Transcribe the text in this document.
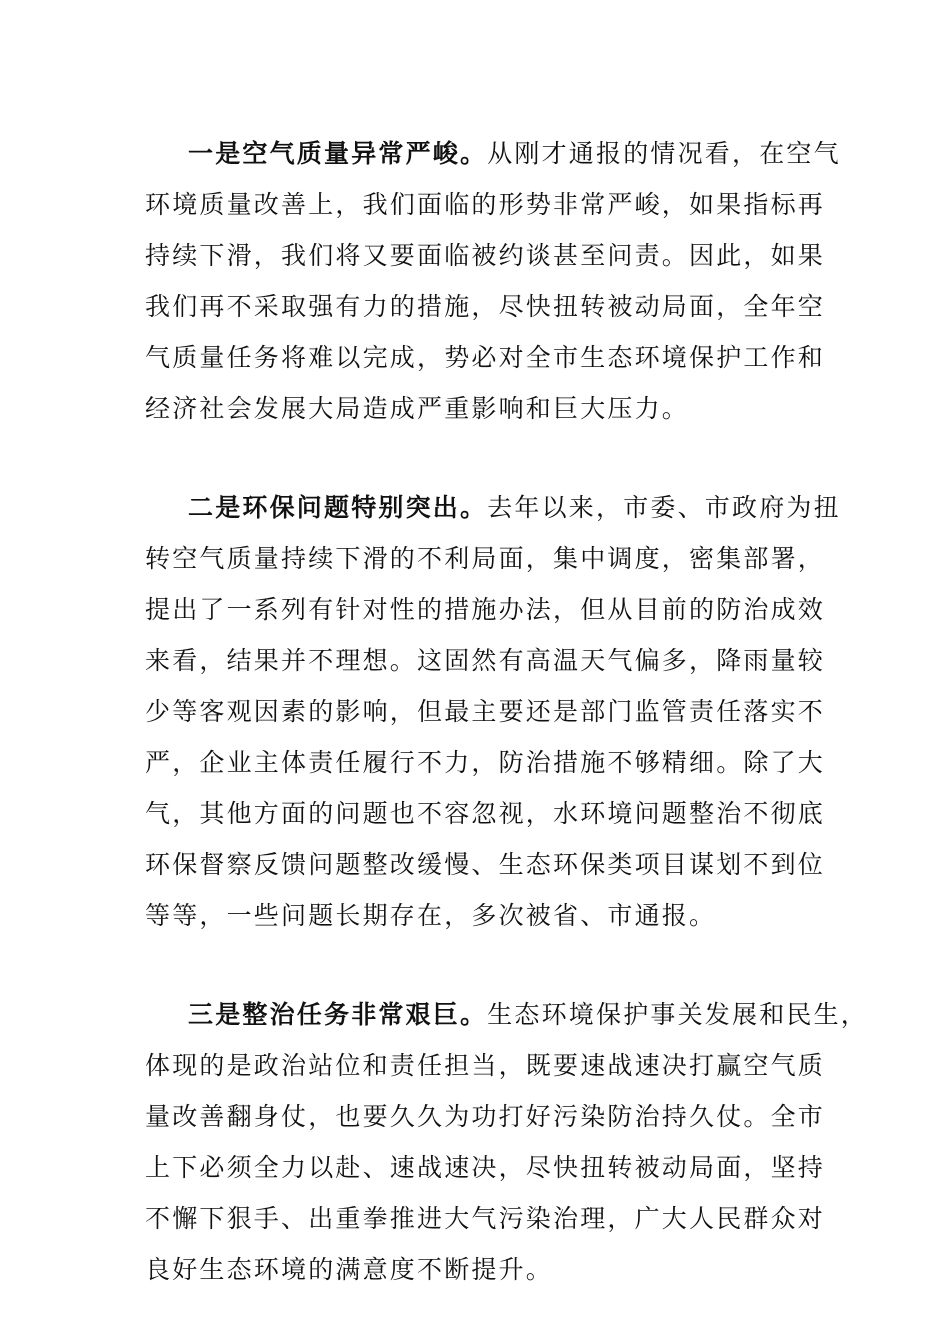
一是空气质量异常严峻。从刚才通报的情况看，在空气
环境质量改善上，我们面临的形势非常严峻，如果指标再
持续下滑，我们将又要面临被约谈甚至问责。因此，如果
我们再不采取强有力的措施，尽快扭转被动局面，全年空
气质量任务将难以完成，势必对全市生态环境保护工作和
经济社会发展大局造成严重影响和巨大压力。
二是环保问题特别突出。去年以来，市委、市政府为扭
转空气质量持续下滑的不利局面，集中调度，密集部署，
提出了一系列有针对性的措施办法，但从目前的防治成效
来看，结果并不理想。这固然有高温天气偏多，降雨量较
少等客观因素的影响，但最主要还是部门监管责任落实不
严，企业主体责任履行不力，防治措施不够精细。除了大
气，其他方面的问题也不容忽视，水环境问题整治不彻底
环保督察反馈问题整改缓慢、生态环保类项目谋划不到位
等等，一些问题长期存在，多次被省、市通报。
三是整治任务非常艰巨。生态环境保护事关发展和民生，
体现的是政治站位和责任担当，既要速战速决打赢空气质
量改善翻身仗，也要久久为功打好污染防治持久仗。全市
上下必须全力以赴、速战速决，尽快扭转被动局面，坚持
不懈下狠手、出重拳推进大气污染治理，广大人民群众对
良好生态环境的满意度不断提升。
